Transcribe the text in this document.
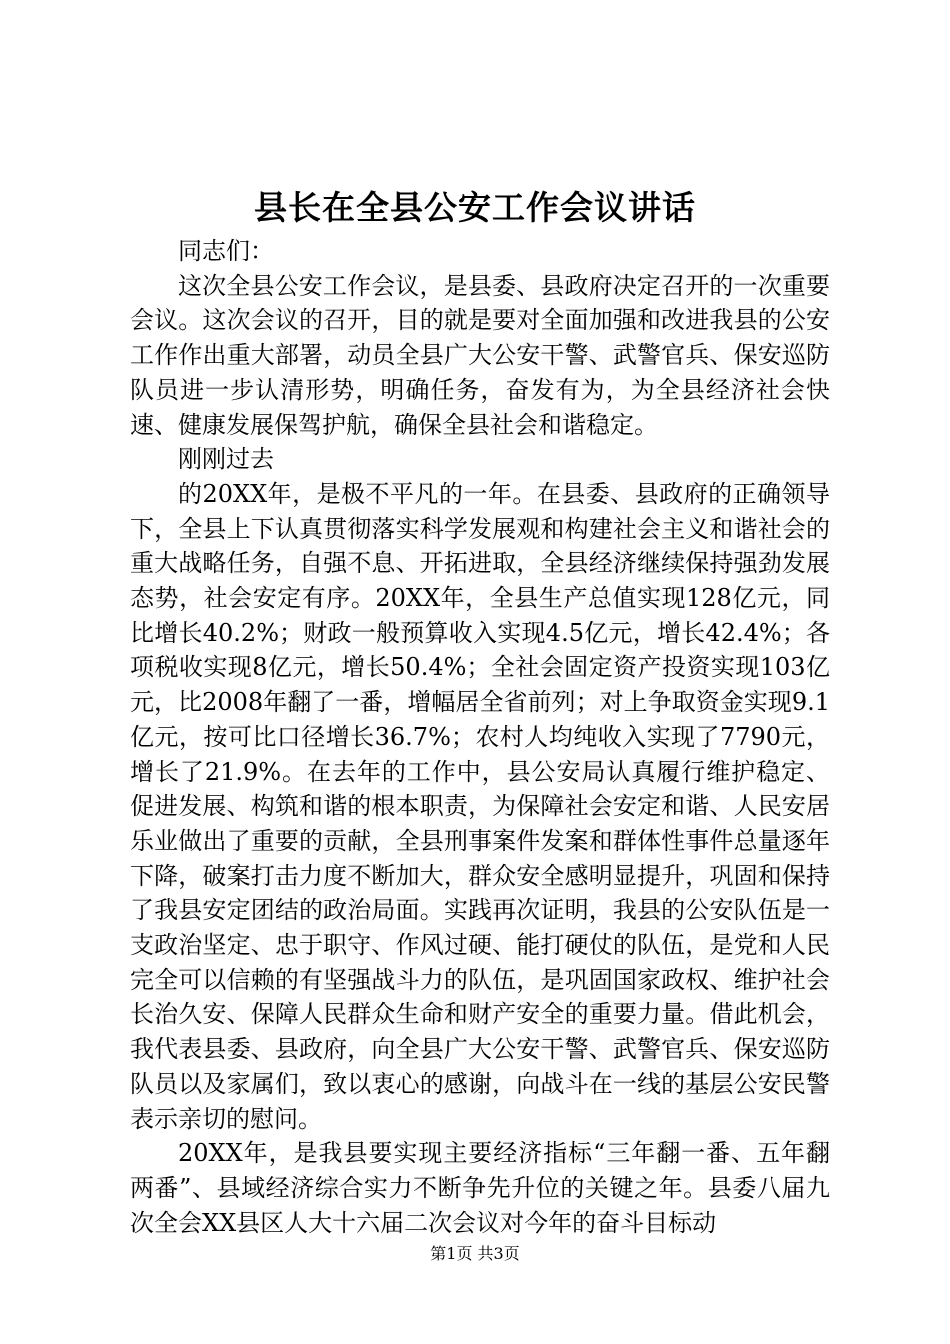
县长在全县公安工作会议讲话

同志们：

这次全县公安工作会议，是县委、县政府决定召开的一次重要会议。这次会议的召开，目的就是要对全面加强和改进我县的公安工作作出重大部署，动员全县广大公安干警、武警官兵、保安巡防队员进一步认清形势，明确任务，奋发有为，为全县经济社会快速、健康发展保驾护航，确保全县社会和谐稳定。

刚刚过去

的20XX年，是极不平凡的一年。在县委、县政府的正确领导下，全县上下认真贯彻落实科学发展观和构建社会主义和谐社会的重大战略任务，自强不息、开拓进取，全县经济继续保持强劲发展态势，社会安定有序。20XX年，全县生产总值实现128亿元，同比增长40.2%；财政一般预算收入实现4.5亿元，增长42.4%；各项税收实现8亿元，增长50.4%；全社会固定资产投资实现103亿元，比2008年翻了一番，增幅居全省前列；对上争取资金实现9.1亿元，按可比口径增长36.7%；农村人均纯收入实现了7790元，增长了21.9%。在去年的工作中，县公安局认真履行维护稳定、促进发展、构筑和谐的根本职责，为保障社会安定和谐、人民安居乐业做出了重要的贡献，全县刑事案件发案和群体性事件总量逐年下降，破案打击力度不断加大，群众安全感明显提升，巩固和保持了我县安定团结的政治局面。实践再次证明，我县的公安队伍是一支政治坚定、忠于职守、作风过硬、能打硬仗的队伍，是党和人民完全可以信赖的有坚强战斗力的队伍，是巩固国家政权、维护社会长治久安、保障人民群众生命和财产安全的重要力量。借此机会，我代表县委、县政府，向全县广大公安干警、武警官兵、保安巡防队员以及家属们，致以衷心的感谢，向战斗在一线的基层公安民警表示亲切的慰问。

20XX年，是我县要实现主要经济指标“三年翻一番、五年翻两番”、县域经济综合实力不断争先升位的关键之年。县委八届九次全会XX县区人大十六届二次会议对今年的奋斗目标动

第1页 共3页
